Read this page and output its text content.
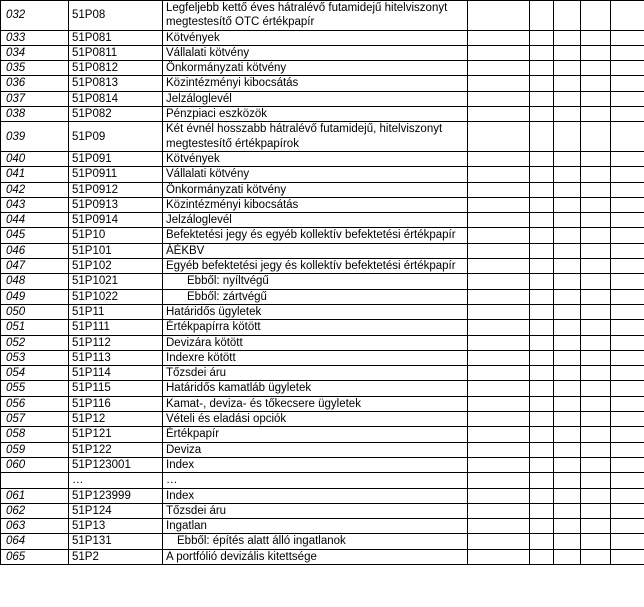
032	51P08	Legfeljebb kettő éves hátralévő futamidejű hitelviszonyt megtestesítő OTC értékpapír					
033	51P081	Kötvények					
034	51P0811	Vállalati kötvény					
035	51P0812	Önkormányzati kötvény					
036	51P0813	Közintézményi kibocsátás					
037	51P0814	Jelzáloglevél					
038	51P082	Pénzpiaci eszközök					
039	51P09	Két évnél hosszabb hátralévő futamidejű, hitelviszonyt megtestesítő értékpapírok					
040	51P091	Kötvények					
041	51P0911	Vállalati kötvény					
042	51P0912	Önkormányzati kötvény					
043	51P0913	Közintézményi kibocsátás					
044	51P0914	Jelzáloglevél					
045	51P10	Befektetési jegy és egyéb kollektív befektetési értékpapír					
046	51P101	ÁÉKBV					
047	51P102	Egyéb befektetési jegy és kollektív befektetési értékpapír					
048	51P1021	Ebből: nyíltvégű					
049	51P1022	Ebből: zártvégű					
050	51P11	Határidős ügyletek					
051	51P111	Értékpapírra kötött					
052	51P112	Devizára kötött					
053	51P113	Indexre kötött					
054	51P114	Tőzsdei áru					
055	51P115	Határidős kamatláb ügyletek					
056	51P116	Kamat-, deviza- és tőkecsere ügyletek					
057	51P12	Vételi és eladási opciók					
058	51P121	Értékpapír					
059	51P122	Deviza					
060	51P123001	Index					
	…	…					
061	51P123999	Index					
062	51P124	Tőzsdei áru					
063	51P13	Ingatlan					
064	51P131	Ebből: építés alatt álló ingatlanok					
065	51P2	A portfólió devizális kitettsége					
